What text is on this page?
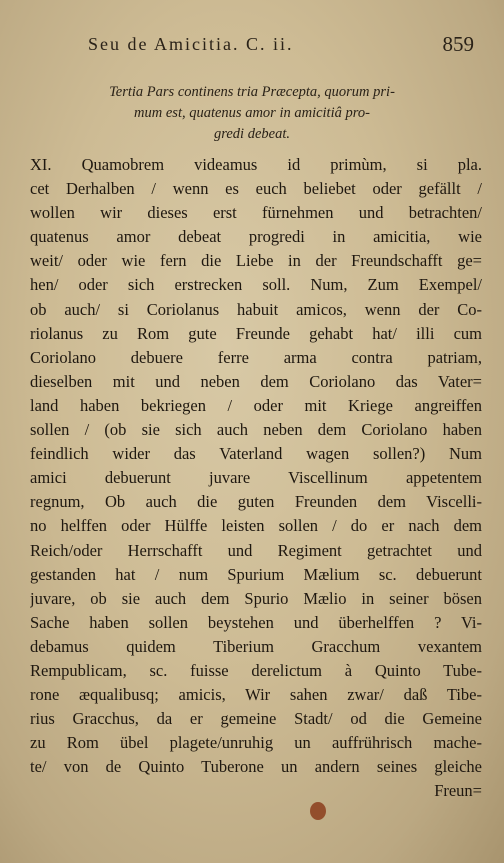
Seu de Amicitia. C. ii.	859
Tertia Pars continens tria Præcepta, quorum pri-
mum est, quatenus amor in amicitiâ pro-
gredi debeat.
XI. Quamobrem videamus id primùm, si pla.
cet Derhalben / wenn es euch beliebet oder gefällt /
wollen wir dieses erst fürnehmen und betrachten/
quatenus amor debeat progredi in amicitia, wie
weit/ oder wie fern die Liebe in der Freundschafft ge=
hen/ oder sich erstrecken soll. Num, Zum Exempel/
ob auch/ si Coriolanus habuit amicos, wenn der Co-
riolanus zu Rom gute Freunde gehabt hat/ illi cum
Coriolano debuere ferre arma contra patriam,
dieselben mit und neben dem Coriolano das Vater=
land haben bekriegen / oder mit Kriege angreiffen
sollen / (ob sie sich auch neben dem Coriolano haben
feindlich wider das Vaterland wagen sollen?) Num
amici debuerunt juvare Viscellinum appetentem
regnum, Ob auch die guten Freunden dem Viscelli-
no helffen oder Hülffe leisten sollen / do er nach dem
Reich/oder Herrschafft und Regiment getrachtet und
gestanden hat / num Spurium Mælium sc. debuerunt
juvare, ob sie auch dem Spurio Mælio in seiner bösen
Sache haben sollen beystehen und überhelffen ? Vi-
debamus quidem Tiberium Gracchum vexantem
Rempublicam, sc. fuisse derelictum à Quinto Tube-
rone æqualibusq; amicis, Wir sahen zwar/ daß Tibe-
rius Gracchus, da er gemeine Stadt/ od die Gemeine
zu Rom übel plagete/unruhig un auffrührisch mache-
te/ von de Quinto Tuberone un andern seines gleiche
Freun=
